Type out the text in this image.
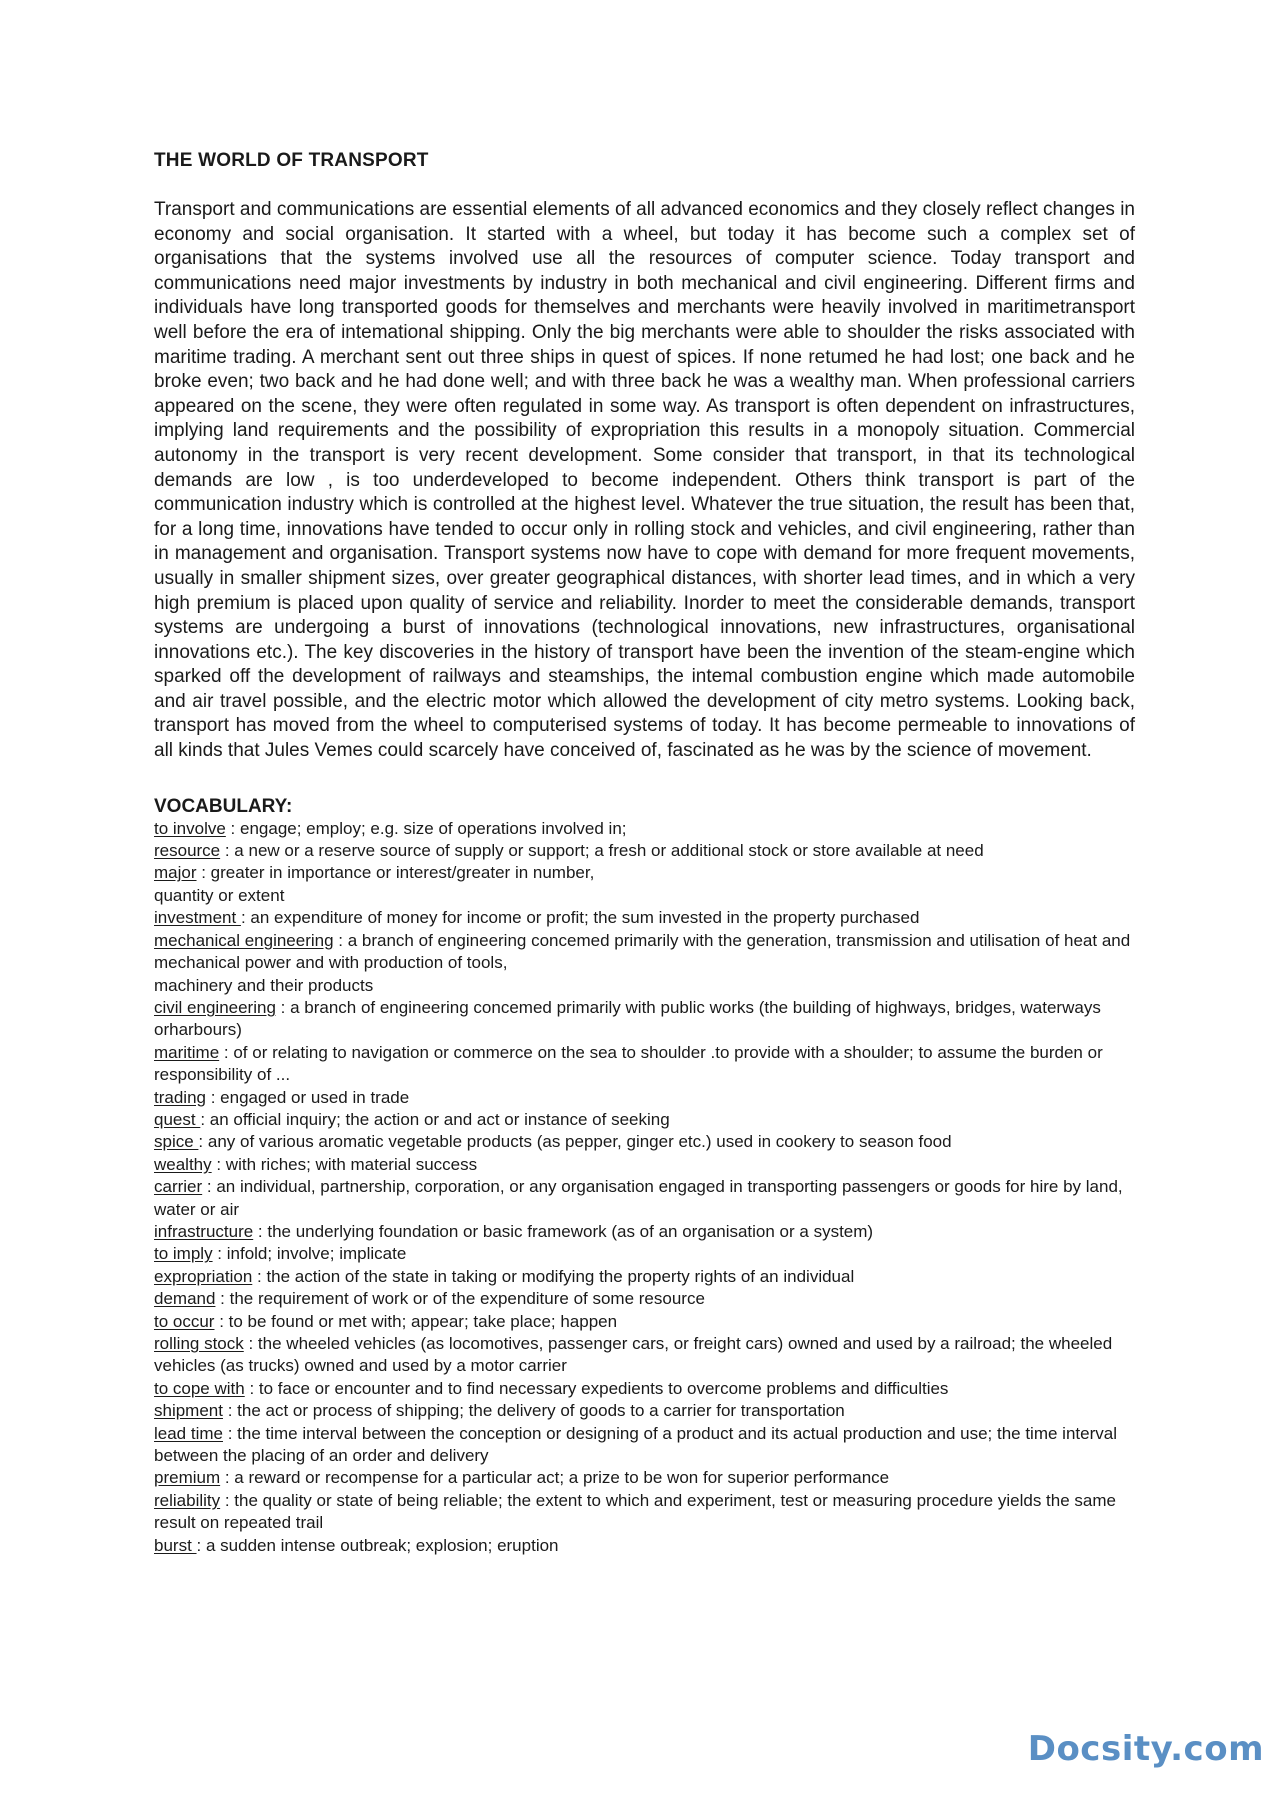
THE WORLD OF TRANSPORT

Transport and communications are essential elements of all advanced economics and they closely reflect changes in economy and social organisation. It started with a wheel, but today it has become such a complex set of organisations that the systems involved use all the resources of computer science. Today transport and communications need major investments by industry in both mechanical and civil engineering. Different firms and individuals have long transported goods for themselves and merchants were heavily involved in maritimetransport well before the era of intemational shipping. Only the big merchants were able to shoulder the risks associated with maritime trading. A merchant sent out three ships in quest of spices. If none retumed he had lost; one back and he broke even; two back and he had done well; and with three back he was a wealthy man. When professional carriers appeared on the scene, they were often regulated in some way. As transport is often dependent on infrastructures, implying land requirements and the possibility of expropriation this results in a monopoly situation. Commercial autonomy in the transport is very recent development. Some consider that transport, in that its technological demands are low , is too underdeveloped to become independent. Others think transport is part of the communication industry which is controlled at the highest level. Whatever the true situation, the result has been that, for a long time, innovations have tended to occur only in rolling stock and vehicles, and civil engineering, rather than in management and organisation. Transport systems now have to cope with demand for more frequent movements, usually in smaller shipment sizes, over greater geographical distances, with shorter lead times, and in which a very high premium is placed upon quality of service and reliability. Inorder to meet the considerable demands, transport systems are undergoing a burst of innovations (technological innovations, new infrastructures, organisational innovations etc.). The key discoveries in the history of transport have been the invention of the steam-engine which sparked off the development of railways and steamships, the intemal combustion engine which made automobile and air travel possible, and the electric motor which allowed the development of city metro systems. Looking back, transport has moved from the wheel to computerised systems of today. It has become permeable to innovations of all kinds that Jules Vemes could scarcely have conceived of, fascinated as he was by the science of movement.

VOCABULARY:
to involve : engage; employ; e.g. size of operations involved in;
resource : a new or a reserve source of supply or support; a fresh or additional stock or store available at need
major : greater in importance or interest/greater in number,
quantity or extent
investment : an expenditure of money for income or profit; the sum invested in the property purchased
mechanical engineering : a branch of engineering concemed primarily with the generation, transmission and utilisation of heat and mechanical power and with production of tools,
machinery and their products
civil engineering : a branch of engineering concemed primarily with public works (the building of highways, bridges, waterways orharbours)
maritime : of or relating to navigation or commerce on the sea to shoulder .to provide with a shoulder; to assume the burden or responsibility of ...
trading : engaged or used in trade
quest : an official inquiry; the action or and act or instance of seeking
spice : any of various aromatic vegetable products (as pepper, ginger etc.) used in cookery to season food
wealthy : with riches; with material success
carrier : an individual, partnership, corporation, or any organisation engaged in transporting passengers or goods for hire by land, water or air
infrastructure : the underlying foundation or basic framework (as of an organisation or a system)
to imply : infold; involve; implicate
expropriation : the action of the state in taking or modifying the property rights of an individual
demand : the requirement of work or of the expenditure of some resource
to occur : to be found or met with; appear; take place; happen
rolling stock : the wheeled vehicles (as locomotives, passenger cars, or freight cars) owned and used by a railroad; the wheeled vehicles (as trucks) owned and used by a motor carrier
to cope with : to face or encounter and to find necessary expedients to overcome problems and difficulties
shipment : the act or process of shipping; the delivery of goods to a carrier for transportation
lead time : the time interval between the conception or designing of a product and its actual production and use; the time interval between the placing of an order and delivery
premium : a reward or recompense for a particular act; a prize to be won for superior performance
reliability : the quality or state of being reliable; the extent to which and experiment, test or measuring procedure yields the same result on repeated trail
burst : a sudden intense outbreak; explosion; eruption
Docsity.com
